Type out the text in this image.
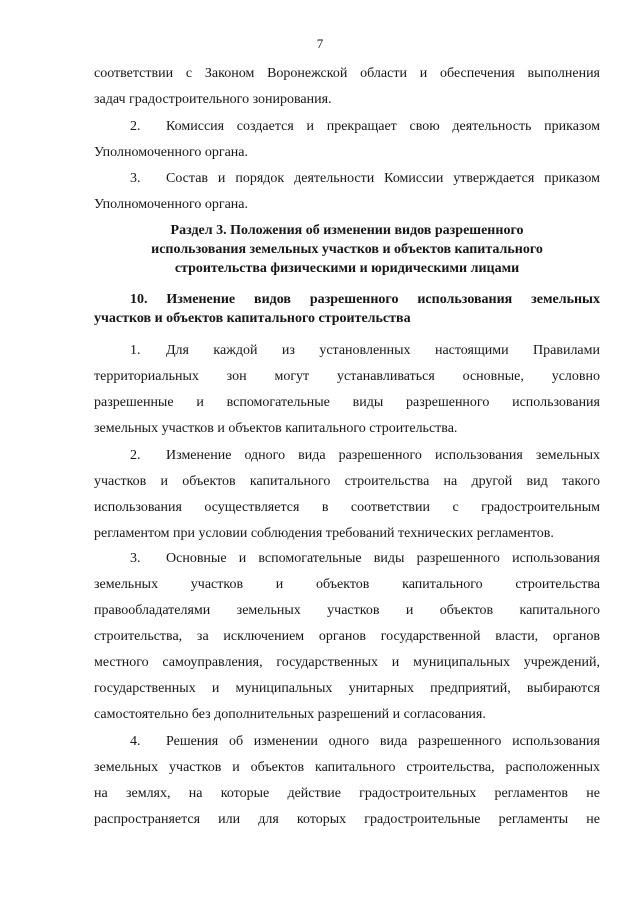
7
соответствии с Законом Воронежской области и обеспечения выполнения
задач градостроительного зонирования.
2. Комиссия создается и прекращает свою деятельность приказом
Уполномоченного органа.
3. Состав и порядок деятельности Комиссии утверждается приказом
Уполномоченного органа.
Раздел 3. Положения об изменении видов разрешенного
использования земельных участков и объектов капитального
строительства физическими и юридическими лицами
10. Изменение видов разрешенного использования земельных
участков и объектов капитального строительства
1. Для каждой из установленных настоящими Правилами
территориальных зон могут устанавливаться основные, условно
разрешенные и вспомогательные виды разрешенного использования
земельных участков и объектов капитального строительства.
2. Изменение одного вида разрешенного использования земельных
участков и объектов капитального строительства на другой вид такого
использования осуществляется в соответствии с градостроительным
регламентом при условии соблюдения требований технических регламентов.
3. Основные и вспомогательные виды разрешенного использования
земельных участков и объектов капитального строительства
правообладателями земельных участков и объектов капитального
строительства, за исключением органов государственной власти, органов
местного самоуправления, государственных и муниципальных учреждений,
государственных и муниципальных унитарных предприятий, выбираются
самостоятельно без дополнительных разрешений и согласования.
4. Решения об изменении одного вида разрешенного использования
земельных участков и объектов капитального строительства, расположенных
на землях, на которые действие градостроительных регламентов не
распространяется или для которых градостроительные регламенты не
